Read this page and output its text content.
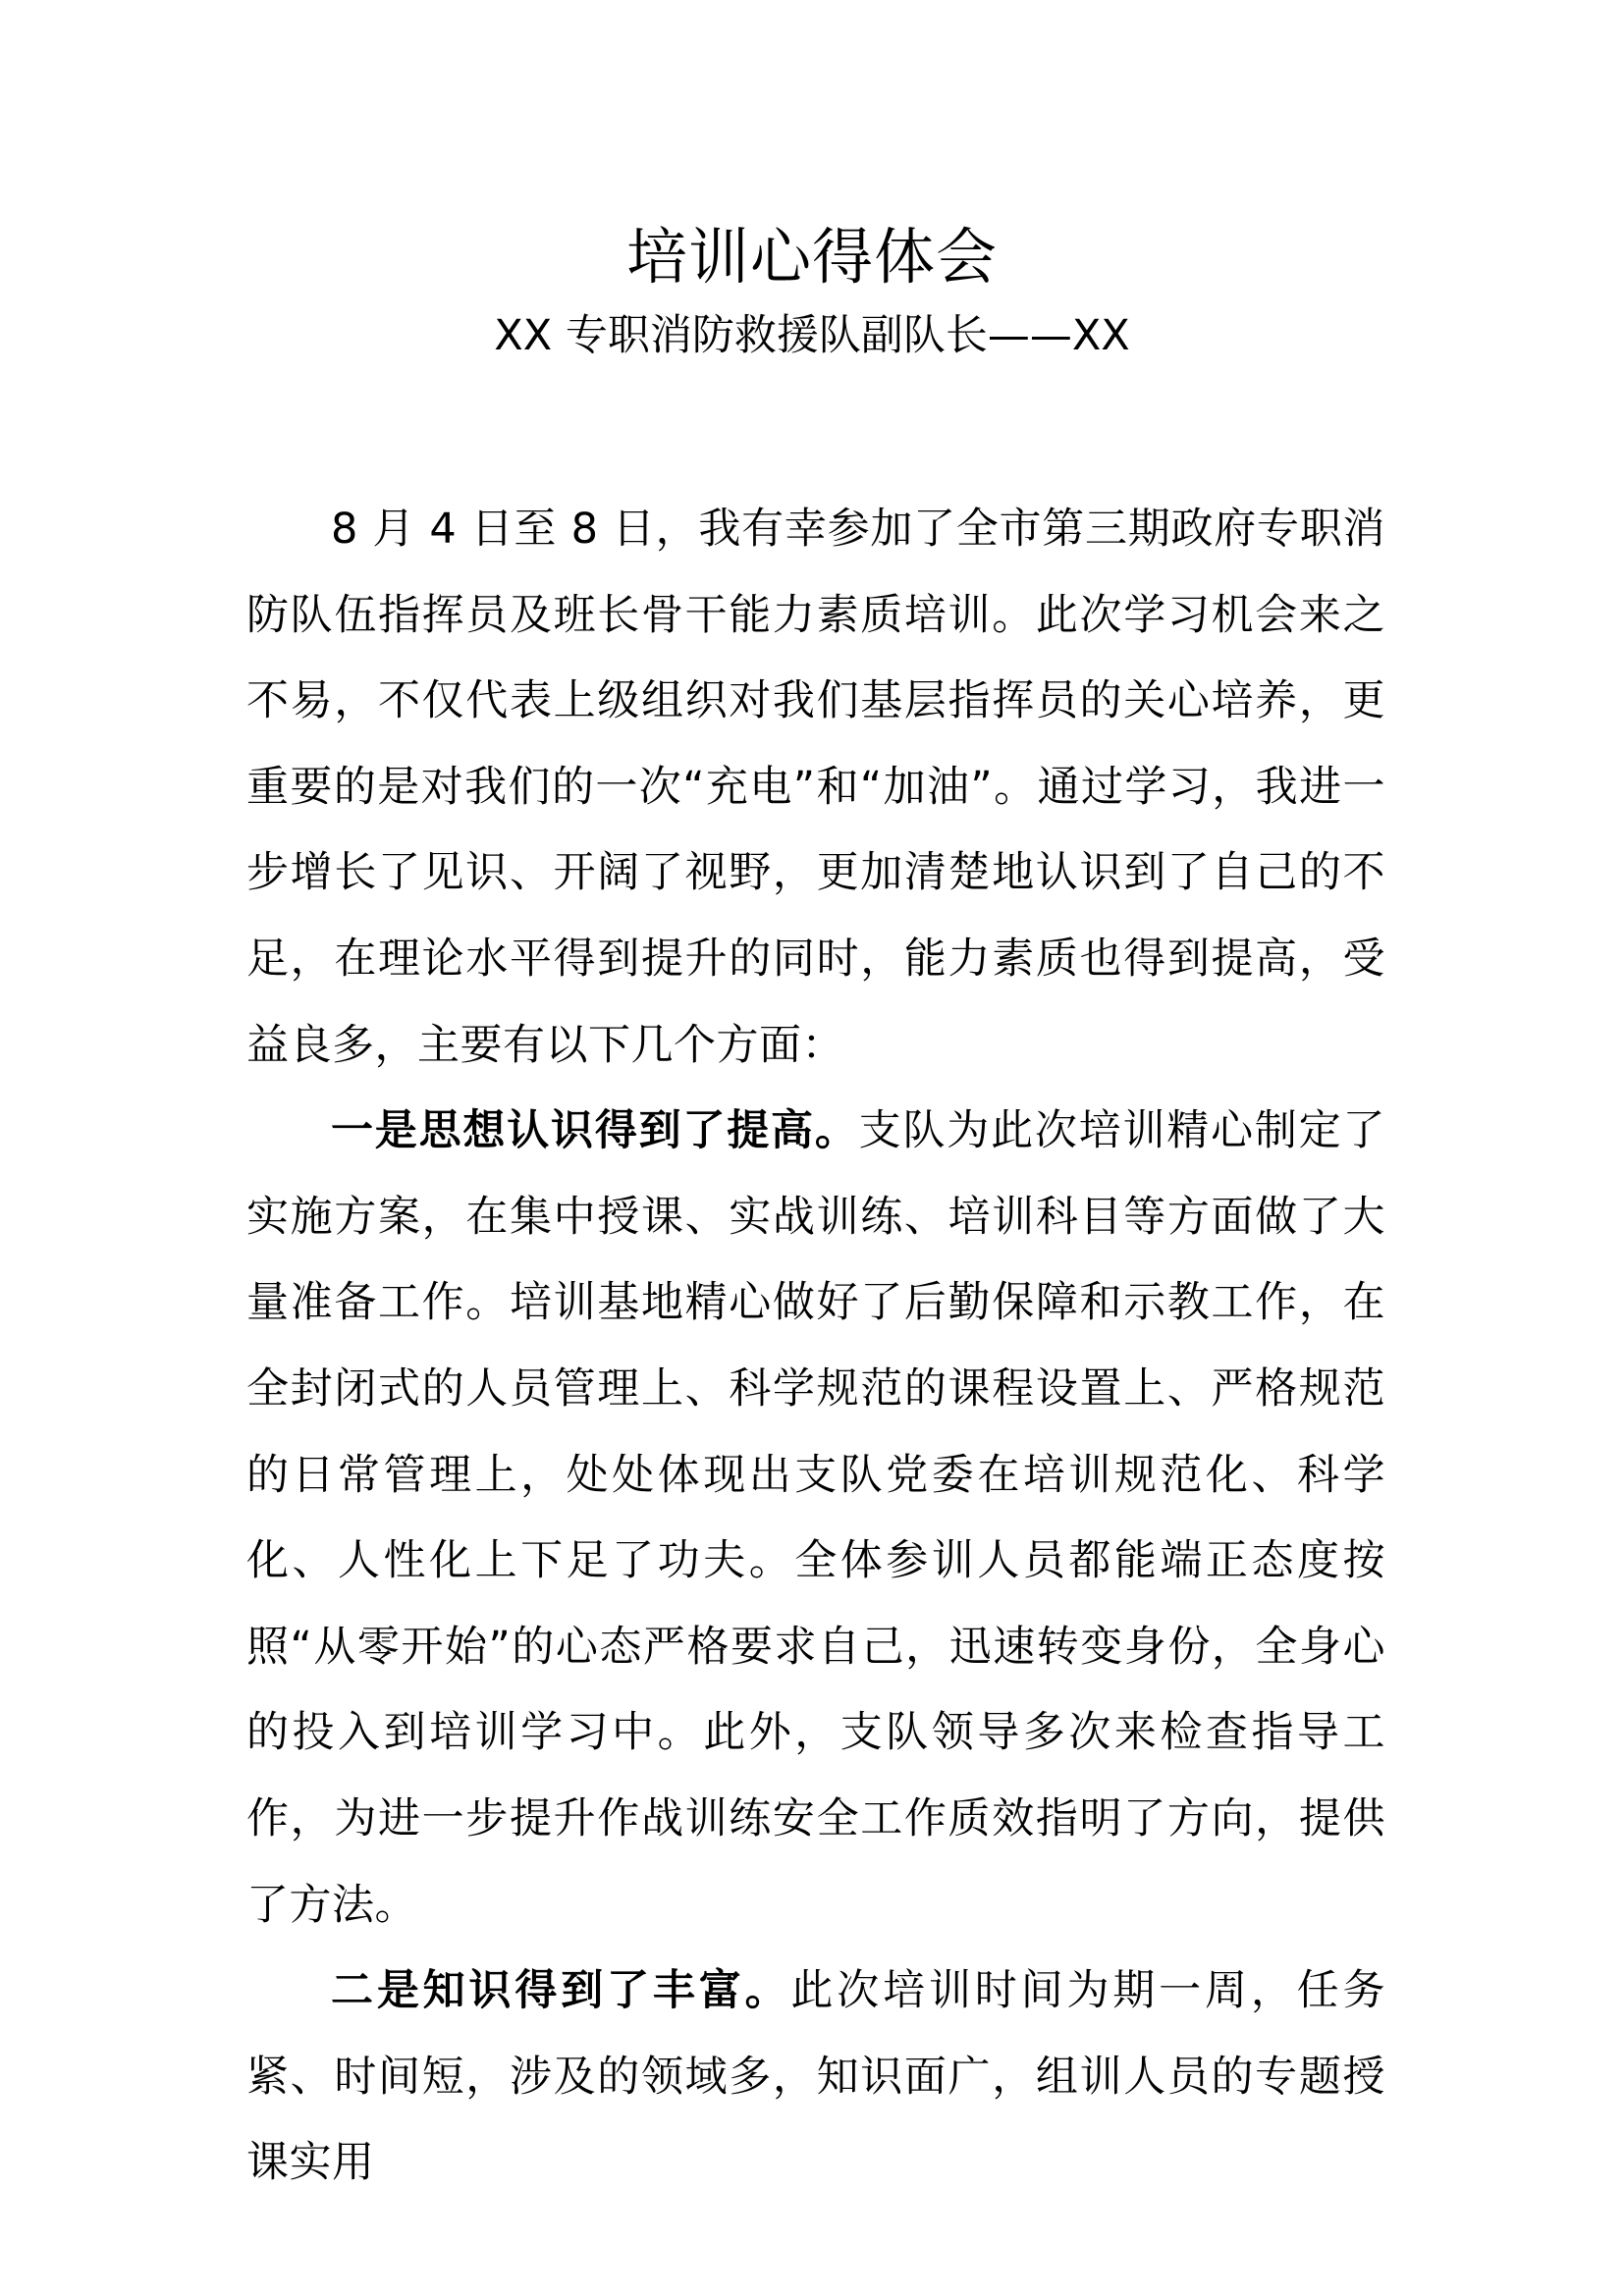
培训心得体会
XX 专职消防救援队副队长——XX

8 月 4 日至 8 日，我有幸参加了全市第三期政府专职消防队伍指挥员及班长骨干能力素质培训。此次学习机会来之不易，不仅代表上级组织对我们基层指挥员的关心培养，更重要的是对我们的一次“充电”和“加油”。通过学习，我进一步增长了见识、开阔了视野，更加清楚地认识到了自己的不足，在理论水平得到提升的同时，能力素质也得到提高，受益良多，主要有以下几个方面：

一是思想认识得到了提高。支队为此次培训精心制定了实施方案，在集中授课、实战训练、培训科目等方面做了大量准备工作。培训基地精心做好了后勤保障和示教工作，在全封闭式的人员管理上、科学规范的课程设置上、严格规范的日常管理上，处处体现出支队党委在培训规范化、科学化、人性化上下足了功夫。全体参训人员都能端正态度按照“从零开始”的心态严格要求自己，迅速转变身份，全身心的投入到培训学习中。此外，支队领导多次来检查指导工作，为进一步提升作战训练安全工作质效指明了方向，提供了方法。

二是知识得到了丰富。此次培训时间为期一周，任务紧、时间短，涉及的领域多，知识面广，组训人员的专题授课实用
